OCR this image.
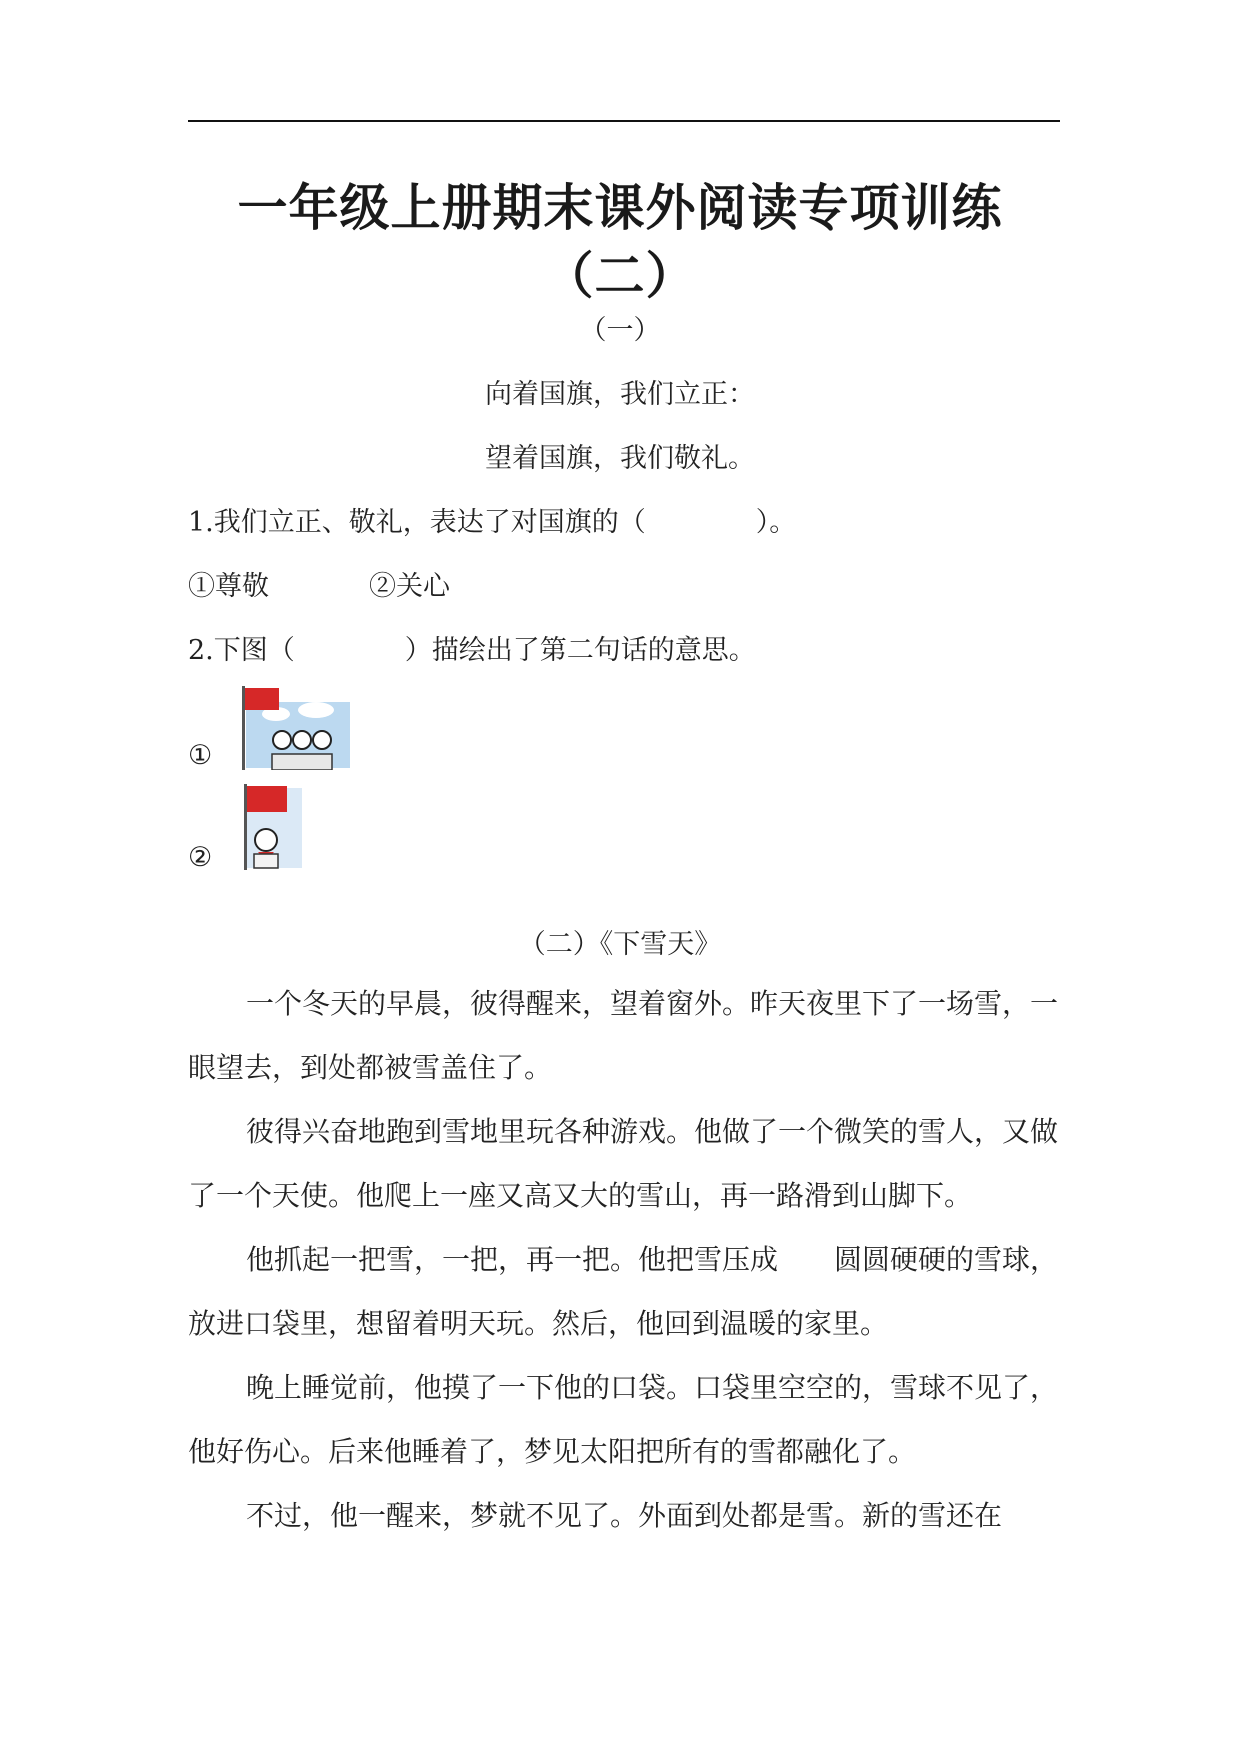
一年级上册期末课外阅读专项训练
（二）
（一）
向着国旗，我们立正：
望着国旗，我们敬礼。
1.我们立正、敬礼，表达了对国旗的（	）。
①尊敬	②关心
2.下图（	）描绘出了第二句话的意思。
①
②
（二）《下雪天》
一个冬天的早晨，彼得醒来，望着窗外。昨天夜里下了一场雪，一眼望去，到处都被雪盖住了。
彼得兴奋地跑到雪地里玩各种游戏。他做了一个微笑的雪人，又做了一个天使。他爬上一座又高又大的雪山，再一路滑到山脚下。
他抓起一把雪，一把，再一把。他把雪压成　　圆圆硬硬的雪球，放进口袋里，想留着明天玩。然后，他回到温暖的家里。
晚上睡觉前，他摸了一下他的口袋。口袋里空空的，雪球不见了，他好伤心。后来他睡着了，梦见太阳把所有的雪都融化了。
不过，他一醒来，梦就不见了。外面到处都是雪。新的雪还在
